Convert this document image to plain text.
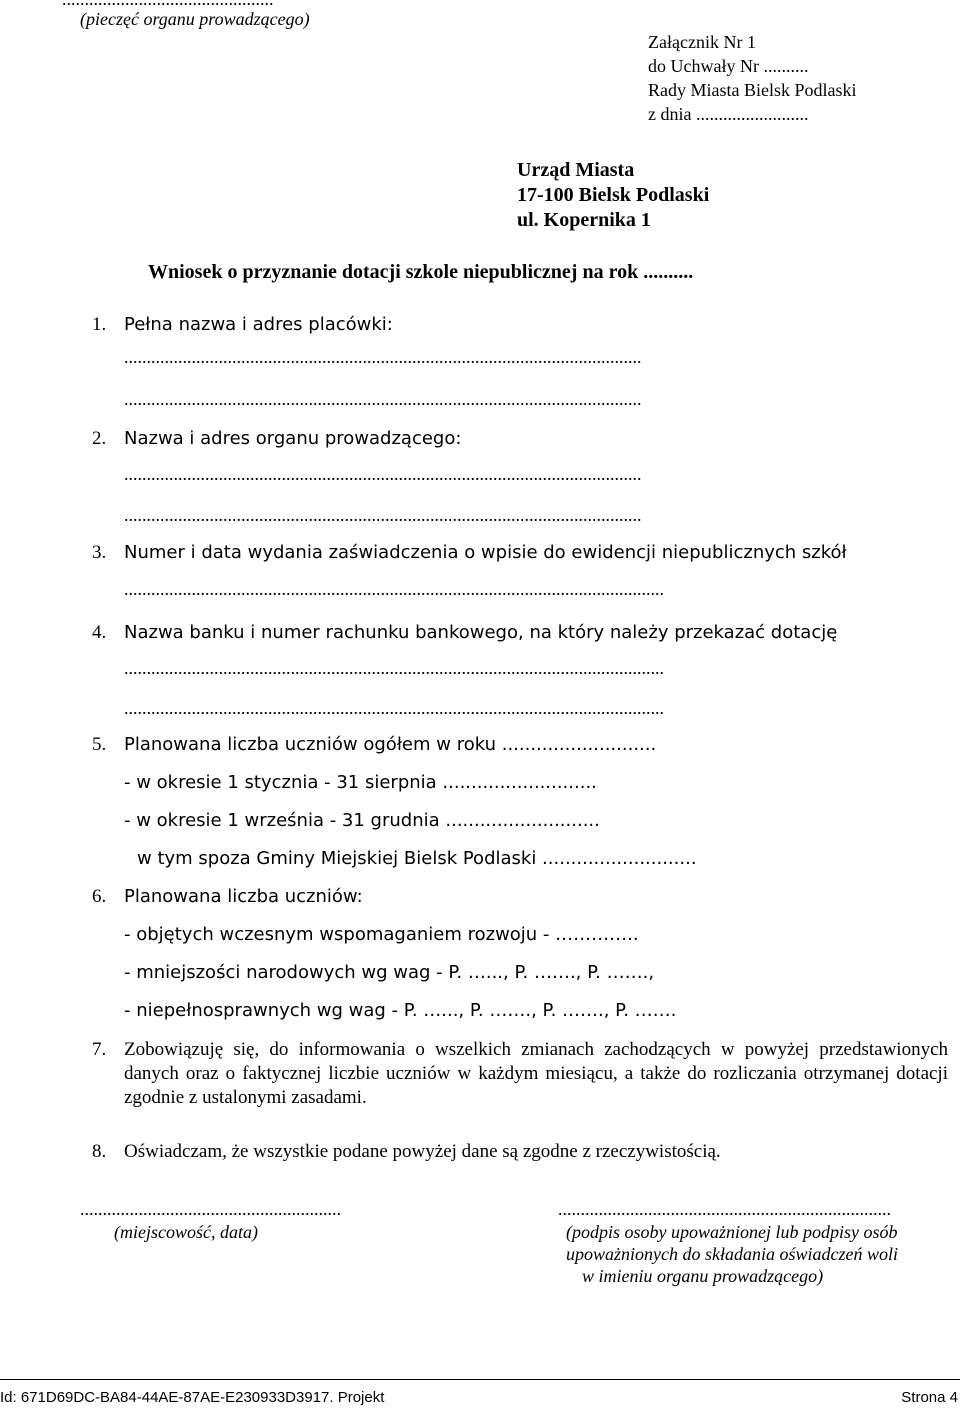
(pieczęć organu prowadzącego)
Załącznik Nr 1
do Uchwały Nr ..........
Rady Miasta Bielsk Podlaski
z dnia .........................
Urząd Miasta
17-100 Bielsk Podlaski
ul. Kopernika 1
Wniosek o przyznanie dotacji szkole niepublicznej na rok ..........
1. Pełna nazwa i adres placówki:
...................................................................................................................
...................................................................................................................
2. Nazwa i adres organu prowadzącego:
...................................................................................................................
...................................................................................................................
3. Numer i data wydania zaświadczenia o wpisie do ewidencji niepublicznych szkół
........................................................................................................................
4. Nazwa banku i numer rachunku bankowego, na który należy przekazać dotację
........................................................................................................................
........................................................................................................................
5. Planowana liczba uczniów ogółem w roku ...........................
- w okresie 1 stycznia - 31 sierpnia ...........................
- w okresie 1 września - 31 grudnia ...........................
w tym spoza Gminy Miejskiej Bielsk Podlaski ...........................
6. Planowana liczba uczniów:
- objętych wczesnym wspomaganiem rozwoju - …………..
- mniejszości narodowych wg wag - P. …..., P. ……., P. …….,
- niepełnosprawnych wg wag - P. …..., P. ……., P. ……., P. …….
7. Zobowiązuję się, do informowania o wszelkich zmianach zachodzących w powyżej przedstawionych danych oraz o faktycznej liczbie uczniów w każdym miesiącu, a także do rozliczania otrzymanej dotacji zgodnie z ustalonymi zasadami.
8. Oświadczam, że wszystkie podane powyżej dane są zgodne z rzeczywistością.
..........................................................
(miejscowość, data)
..........................................................................
(podpis osoby upoważnionej lub podpisy osób
upoważnionych do składania oświadczeń woli
w imieniu organu prowadzącego)
Id: 671D69DC-BA84-44AE-87AE-E230933D3917. Projekt	Strona 4
